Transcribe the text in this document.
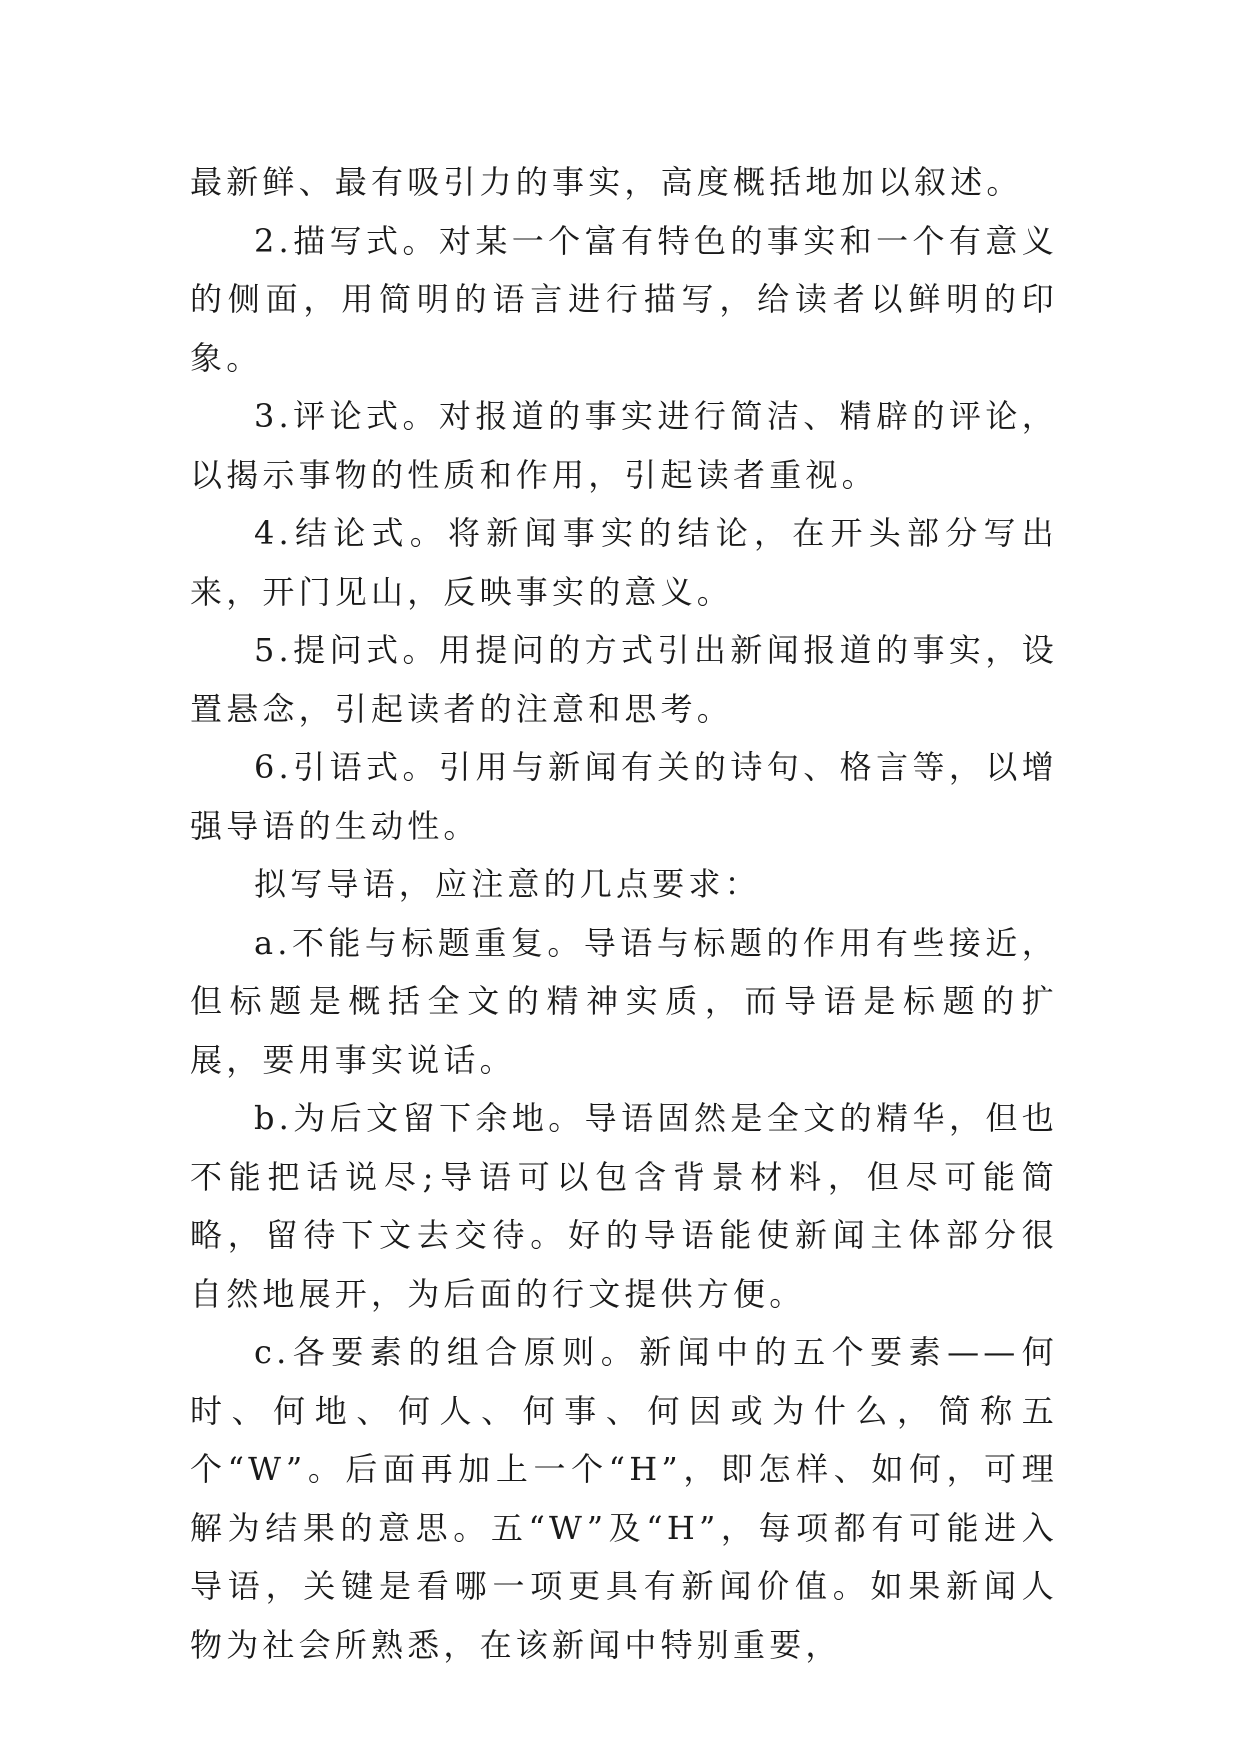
最新鲜、最有吸引力的事实，高度概括地加以叙述。

2.描写式。对某一个富有特色的事实和一个有意义的侧面，用简明的语言进行描写，给读者以鲜明的印象。

3.评论式。对报道的事实进行简洁、精辟的评论，以揭示事物的性质和作用，引起读者重视。

4.结论式。将新闻事实的结论，在开头部分写出来，开门见山，反映事实的意义。

5.提问式。用提问的方式引出新闻报道的事实，设置悬念，引起读者的注意和思考。

6.引语式。引用与新闻有关的诗句、格言等，以增强导语的生动性。

拟写导语，应注意的几点要求：

a.不能与标题重复。导语与标题的作用有些接近，但标题是概括全文的精神实质，而导语是标题的扩展，要用事实说话。

b.为后文留下余地。导语固然是全文的精华，但也不能把话说尽;导语可以包含背景材料，但尽可能简略，留待下文去交待。好的导语能使新闻主体部分很自然地展开，为后面的行文提供方便。

c.各要素的组合原则。新闻中的五个要素——何时、何地、何人、何事、何因或为什么，简称五个“W”。后面再加上一个“H”，即怎样、如何，可理解为结果的意思。五“W”及“H”，每项都有可能进入导语，关键是看哪一项更具有新闻价值。如果新闻人物为社会所熟悉，在该新闻中特别重要，
